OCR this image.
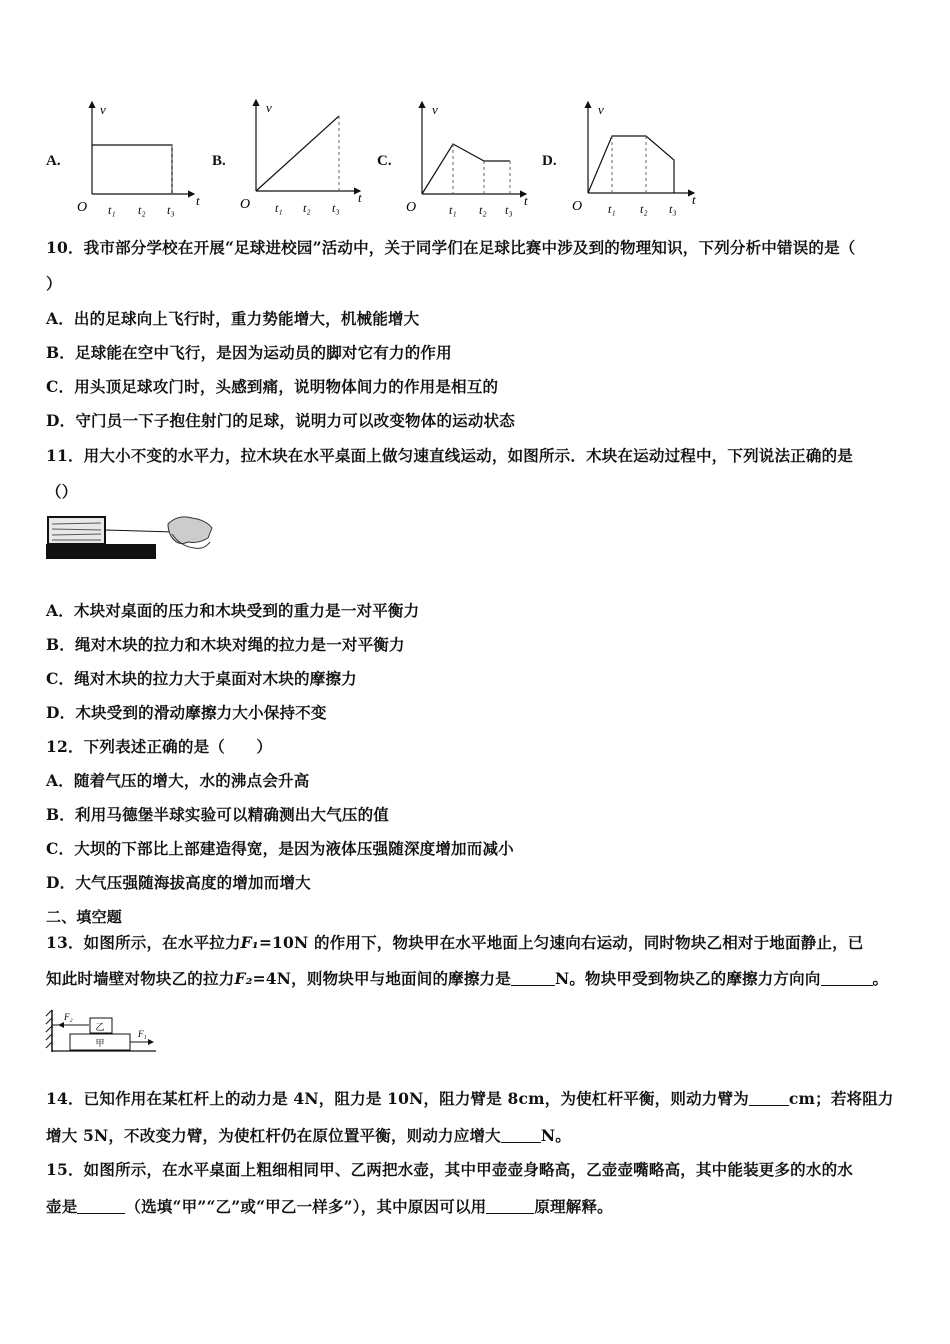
A.	B.	C.	D.
v
t
O t₁ t₂ t₃
v
t
O t₁ t₂ t₃
v
t
O	t₁ t₂ t₃
v
t
O t₁ t₂ t₃
10．我市部分学校在开展“足球进校园”活动中，关于同学们在足球比赛中涉及到的物理知识，下列分析中错误的是（
）
A．出的足球向上飞行时，重力势能增大，机械能增大
B．足球能在空中飞行，是因为运动员的脚对它有力的作用
C．用头顶足球攻门时，头感到痛，说明物体间力的作用是相互的
D．守门员一下子抱住射门的足球，说明力可以改变物体的运动状态
11．用大小不变的水平力，拉木块在水平桌面上做匀速直线运动，如图所示．木块在运动过程中，下列说法正确的是
（）
A．木块对桌面的压力和木块受到的重力是一对平衡力
B．绳对木块的拉力和木块对绳的拉力是一对平衡力
C．绳对木块的拉力大于桌面对木块的摩擦力
D．木块受到的滑动摩擦力大小保持不变
12．下列表述正确的是（　　）
A．随着气压的增大，水的沸点会升高
B．利用马德堡半球实验可以精确测出大气压的值
C．大坝的下部比上部建造得宽，是因为液体压强随深度增加而减小
D．大气压强随海拔高度的增加而增大
二、填空题
13．如图所示，在水平拉力F₁=10N 的作用下，物块甲在水平地面上匀速向右运动，同时物块乙相对于地面静止，已
知此时墙壁对物块乙的拉力F₂=4N，则物块甲与地面间的摩擦力是	N。物块甲受到物块乙的摩擦力方向向	。
乙
甲
F₂
F₁
14．已知作用在某杠杆上的动力是 4N，阻力是 10N，阻力臂是 8cm，为使杠杆平衡，则动力臂为	cm；若将阻力
增大 5N，不改变力臂，为使杠杆仍在原位置平衡，则动力应增大	N。
15．如图所示，在水平桌面上粗细相同甲、乙两把水壶，其中甲壶壶身略高，乙壶壶嘴略高，其中能装更多的水的水
壶是	（选填“甲”“乙”或“甲乙一样多”），其中原因可以用	原理解释。
